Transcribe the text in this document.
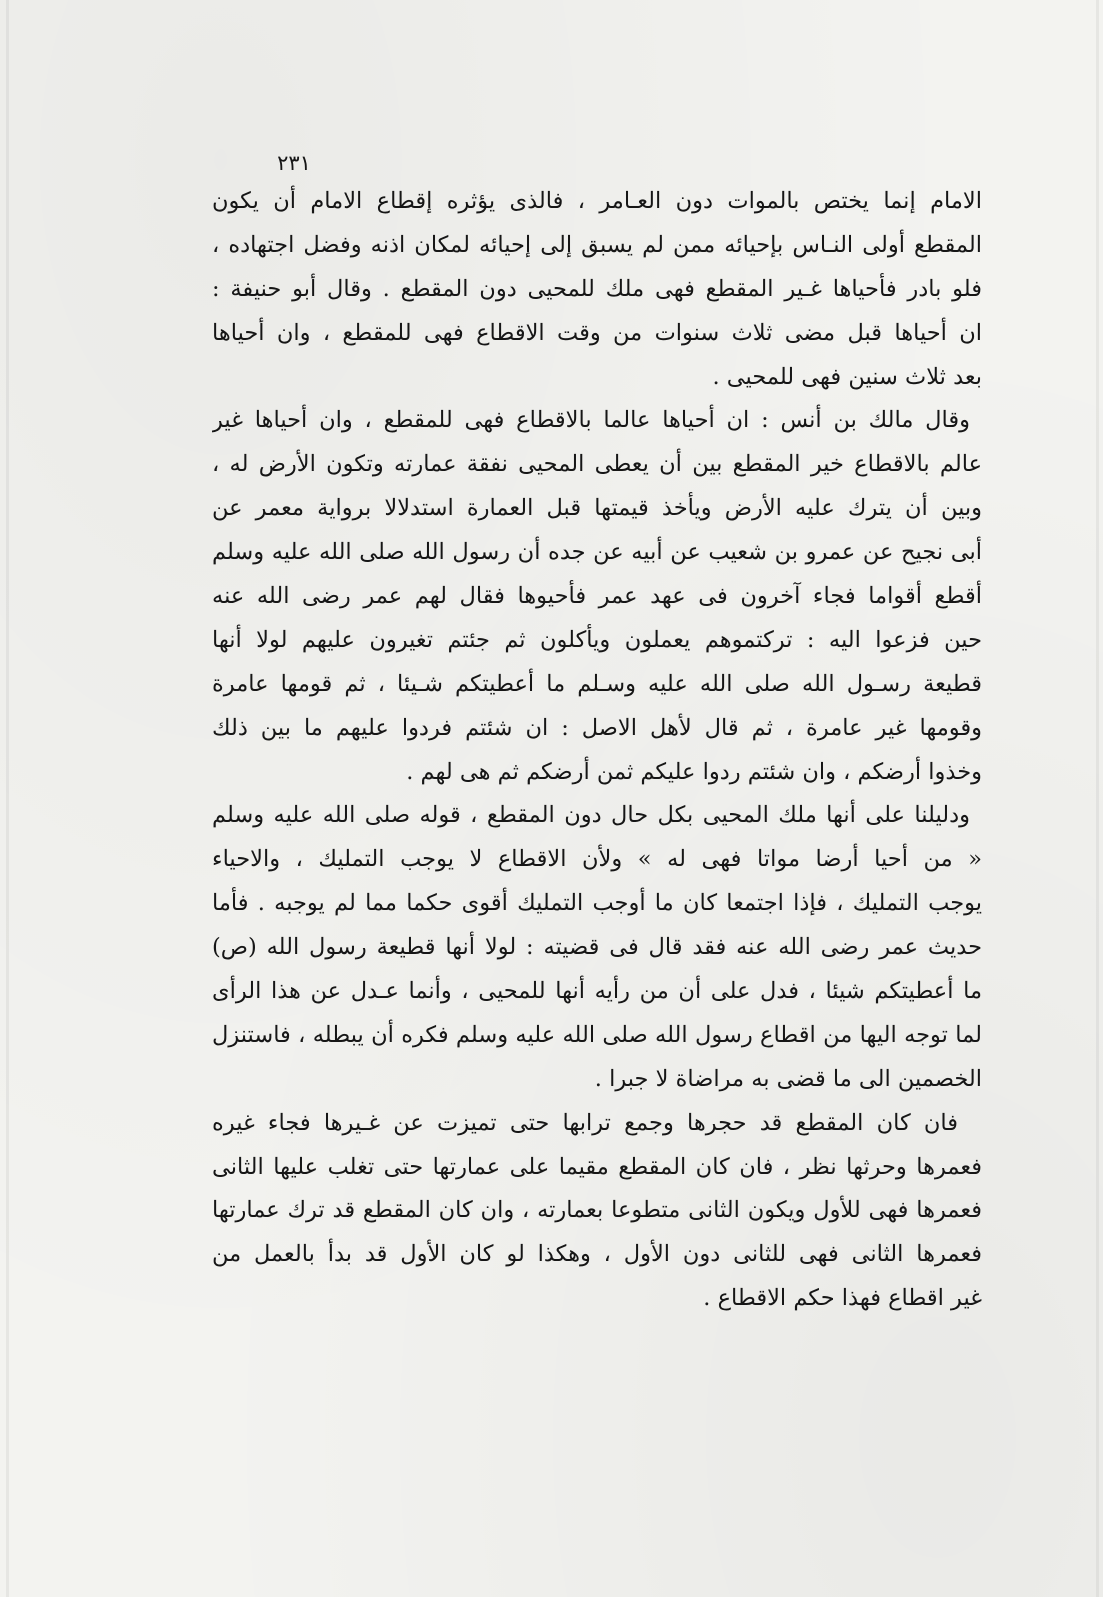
٢٣١
الامام إنما يختص بالموات دون العـامر ، فالذى يؤثره إقطاع الامام أن يكون
المقطع أولى النـاس بإحيائه ممن لم يسبق إلى إحيائه لمكان اذنه وفضل اجتهاده ،
فلو بادر فأحياها غـير المقطع فهى ملك للمحيى دون المقطع . وقال أبو حنيفة :
ان أحياها قبل مضى ثلاث سنوات من وقت الاقطاع فهى للمقطع ، وان أحياها
بعد ثلاث سنين فهى للمحيى .
وقال مالك بن أنس : ان أحياها عالما بالاقطاع فهى للمقطع ، وان أحياها غير
عالم بالاقطاع خير المقطع بين أن يعطى المحيى نفقة عمارته وتكون الأرض له ،
وبين أن يترك عليه الأرض ويأخذ قيمتها قبل العمارة استدلالا برواية معمر عن
أبى نجيح عن عمرو بن شعيب عن أبيه عن جده أن رسول الله صلى الله عليه وسلم
أقطع أقواما فجاء آخرون فى عهد عمر فأحيوها فقال لهم عمر رضى الله عنه
حين فزعوا اليه : تركتموهم يعملون ويأكلون ثم جئتم تغيرون عليهم لولا أنها
قطيعة رسـول الله صلى الله عليه وسـلم ما أعطيتكم شـيئا ، ثم قومها عامرة
وقومها غير عامرة ، ثم قال لأهل الاصل : ان شئتم فردوا عليهم ما بين ذلك
وخذوا أرضكم ، وان شئتم ردوا عليكم ثمن أرضكم ثم هى لهم .
ودليلنا على أنها ملك المحيى بكل حال دون المقطع ، قوله صلى الله عليه وسلم
« من أحيا أرضا مواتا فهى له » ولأن الاقطاع لا يوجب التمليك ، والاحياء
يوجب التمليك ، فإذا اجتمعا كان ما أوجب التمليك أقوى حكما مما لم يوجبه . فأما
حديث عمر رضى الله عنه فقد قال فى قضيته : لولا أنها قطيعة رسول الله (ص)
ما أعطيتكم شيئا ، فدل على أن من رأيه أنها للمحيى ، وأنما عـدل عن هذا الرأى
لما توجه اليها من اقطاع رسول الله صلى الله عليه وسلم فكره أن يبطله ، فاستنزل
الخصمين الى ما قضى به مراضاة لا جبرا .
فان كان المقطع قد حجرها وجمع ترابها حتى تميزت عن غـيرها فجاء غيره
فعمرها وحرثها نظر ، فان كان المقطع مقيما على عمارتها حتى تغلب عليها الثانى
فعمرها فهى للأول ويكون الثانى متطوعا بعمارته ، وان كان المقطع قد ترك عمارتها
فعمرها الثانى فهى للثانى دون الأول ، وهكذا لو كان الأول قد بدأ بالعمل من
غير اقطاع فهذا حكم الاقطاع .
